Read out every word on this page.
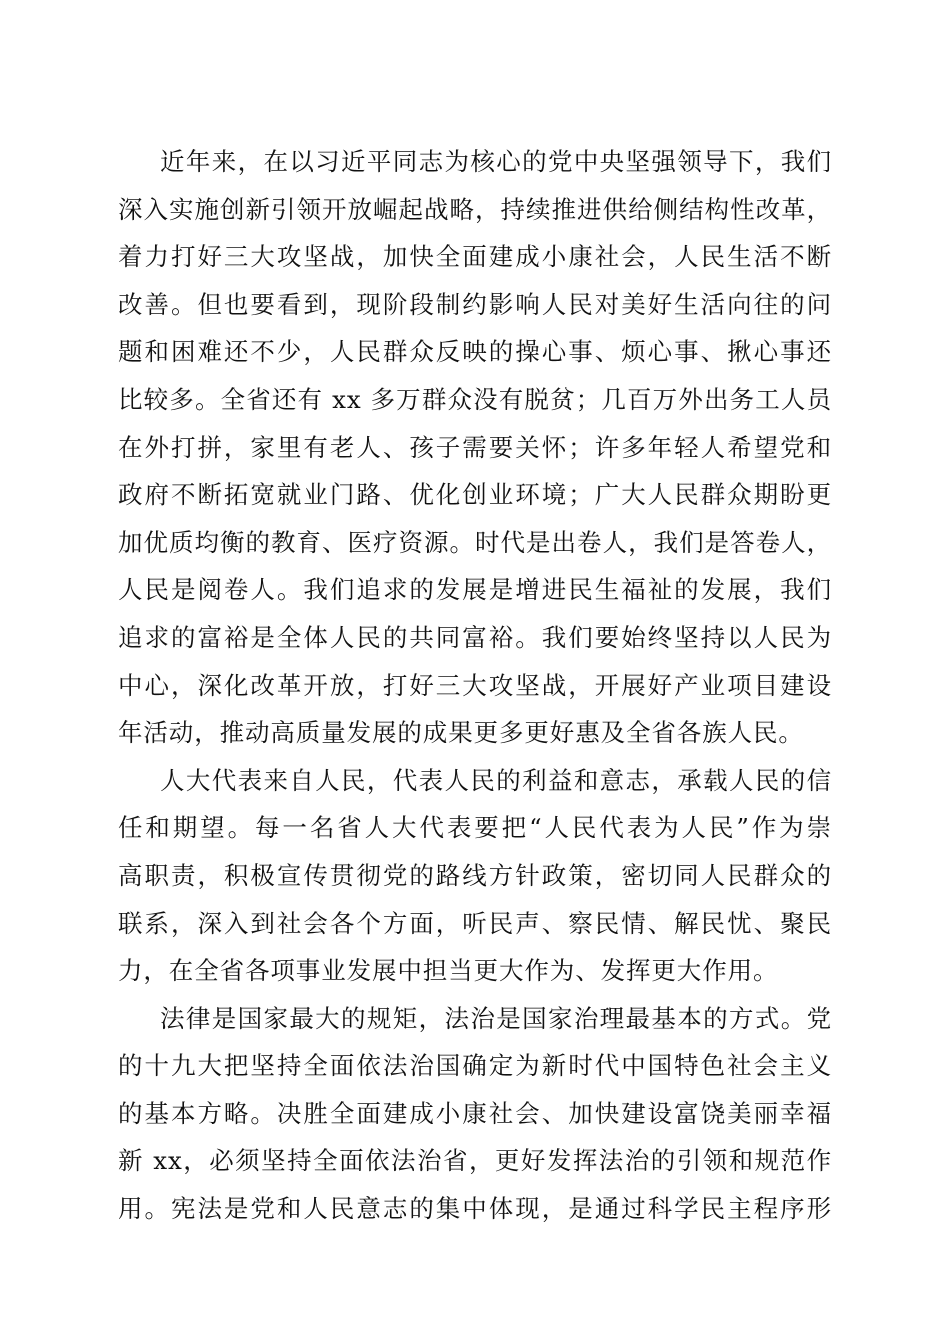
近年来，在以习近平同志为核心的党中央坚强领导下，我们
深入实施创新引领开放崛起战略，持续推进供给侧结构性改革，
着力打好三大攻坚战，加快全面建成小康社会，人民生活不断
改善。但也要看到，现阶段制约影响人民对美好生活向往的问
题和困难还不少，人民群众反映的操心事、烦心事、揪心事还
比较多。全省还有 xx 多万群众没有脱贫；几百万外出务工人员
在外打拼，家里有老人、孩子需要关怀；许多年轻人希望党和
政府不断拓宽就业门路、优化创业环境；广大人民群众期盼更
加优质均衡的教育、医疗资源。时代是出卷人，我们是答卷人，
人民是阅卷人。我们追求的发展是增进民生福祉的发展，我们
追求的富裕是全体人民的共同富裕。我们要始终坚持以人民为
中心，深化改革开放，打好三大攻坚战，开展好产业项目建设
年活动，推动高质量发展的成果更多更好惠及全省各族人民。
人大代表来自人民，代表人民的利益和意志，承载人民的信
任和期望。每一名省人大代表要把“人民代表为人民”作为崇
高职责，积极宣传贯彻党的路线方针政策，密切同人民群众的
联系，深入到社会各个方面，听民声、察民情、解民忧、聚民
力，在全省各项事业发展中担当更大作为、发挥更大作用。
法律是国家最大的规矩，法治是国家治理最基本的方式。党
的十九大把坚持全面依法治国确定为新时代中国特色社会主义
的基本方略。决胜全面建成小康社会、加快建设富饶美丽幸福
新 xx，必须坚持全面依法治省，更好发挥法治的引领和规范作
用。宪法是党和人民意志的集中体现，是通过科学民主程序形
